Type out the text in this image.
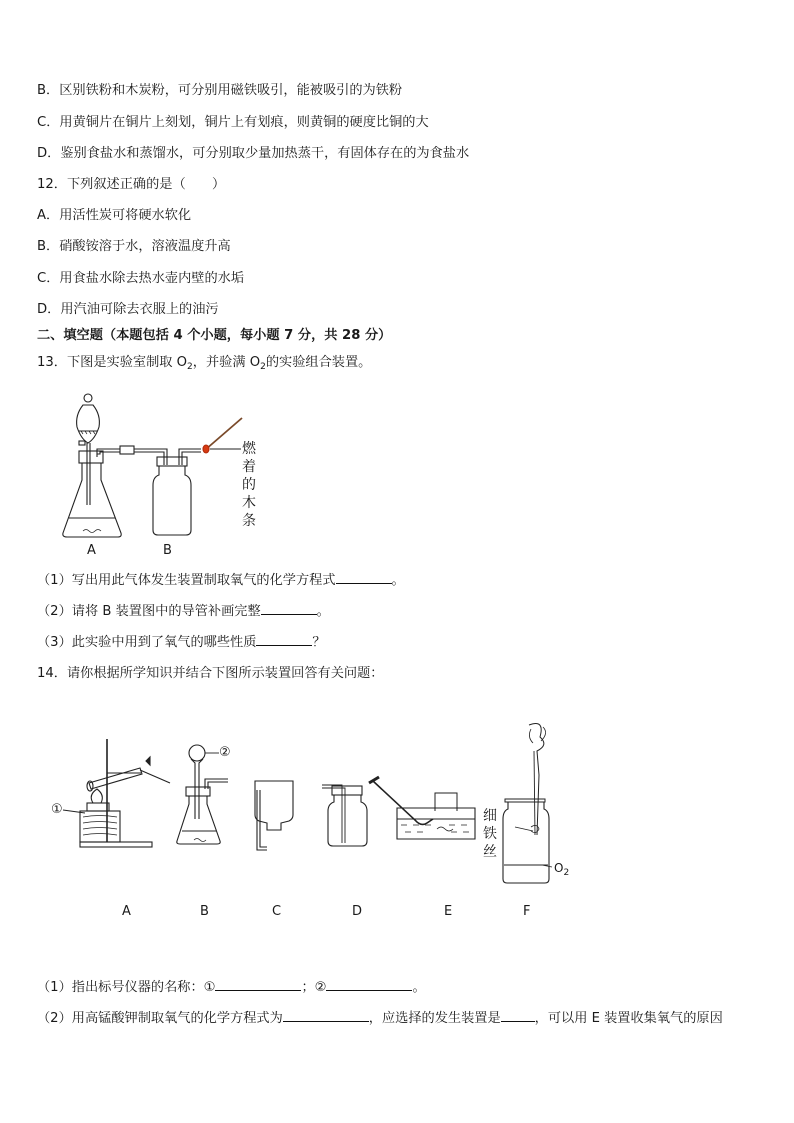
B．区别铁粉和木炭粉，可分别用磁铁吸引，能被吸引的为铁粉
C．用黄铜片在铜片上刻划，铜片上有划痕，则黄铜的硬度比铜的大
D．鉴别食盐水和蒸馏水，可分别取少量加热蒸干，有固体存在的为食盐水
12．下列叙述正确的是（　　）
A．用活性炭可将硬水软化
B．硝酸铵溶于水，溶液温度升高
C．用食盐水除去热水壶内壁的水垢
D．用汽油可除去衣服上的油污
二、填空题（本题包括 4 个小题，每小题 7 分，共 28 分）
13．下图是实验室制取 $O_2$，并验满 $O_2$的实验组合装置。
A	B
燃着
的木
条
（1）写出用此气体发生装置制取氧气的化学方程式	。
（2）请将 B 装置图中的导管补画完整	。
（3）此实验中用到了氧气的哪些性质	？
14．请你根据所学知识并结合下图所示装置回答有关问题：
①
②
A	B	C	D	E	F
细
铁
丝
$O_2$
（1）指出标号仪器的名称：①	；②	。
（2）用高锰酸钾制取氧气的化学方程式为	，应选择的发生装置是	，可以用 E 装置收集氧气的原因
